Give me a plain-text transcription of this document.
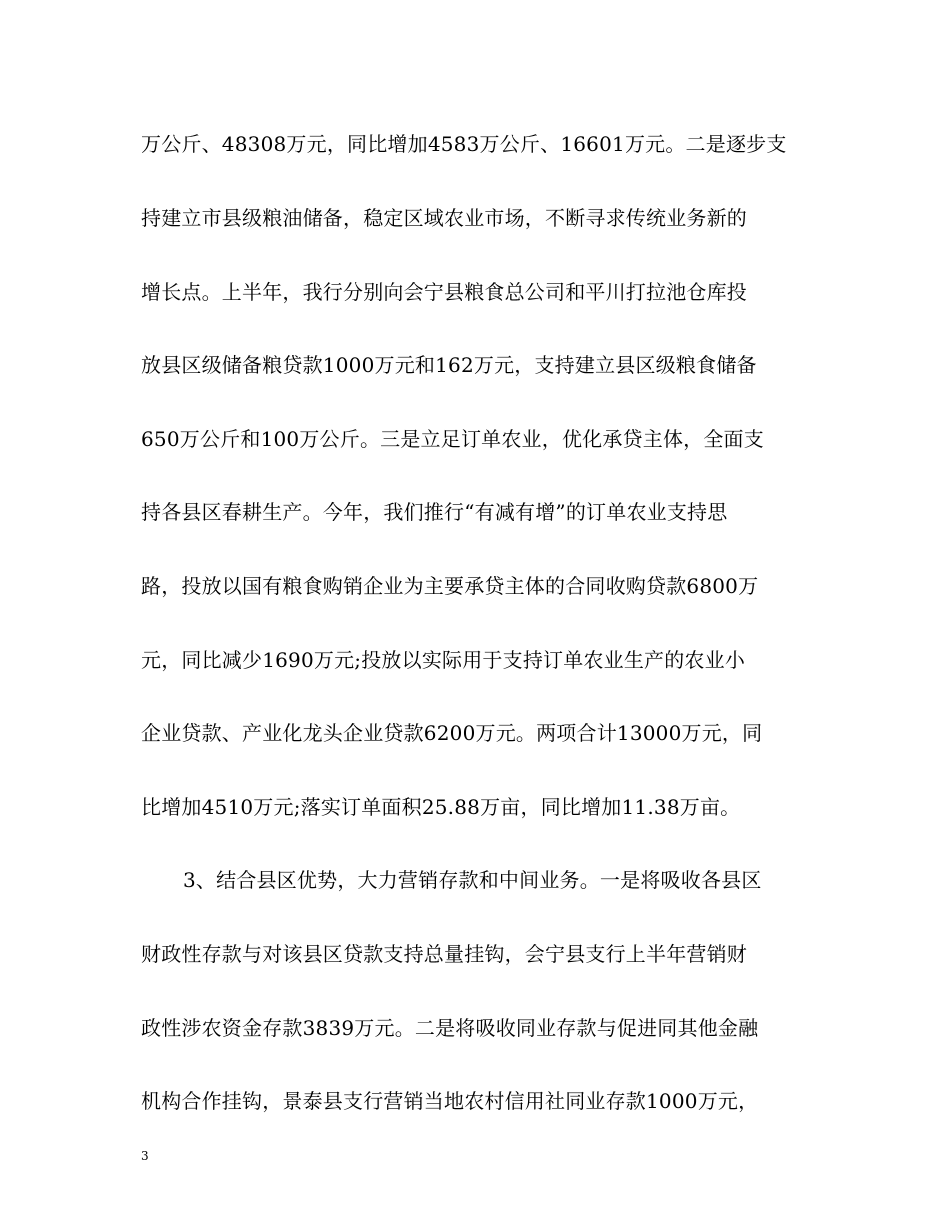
万公斤、48308万元，同比增加4583万公斤、16601万元。二是逐步支
持建立市县级粮油储备，稳定区域农业市场，不断寻求传统业务新的
增长点。上半年，我行分别向会宁县粮食总公司和平川打拉池仓库投
放县区级储备粮贷款1000万元和162万元，支持建立县区级粮食储备
650万公斤和100万公斤。三是立足订单农业，优化承贷主体，全面支
持各县区春耕生产。今年，我们推行“有减有增”的订单农业支持思
路，投放以国有粮食购销企业为主要承贷主体的合同收购贷款6800万
元，同比减少1690万元;投放以实际用于支持订单农业生产的农业小
企业贷款、产业化龙头企业贷款6200万元。两项合计13000万元，同
比增加4510万元;落实订单面积25.88万亩，同比增加11.38万亩。
3、结合县区优势，大力营销存款和中间业务。一是将吸收各县区
财政性存款与对该县区贷款支持总量挂钩，会宁县支行上半年营销财
政性涉农资金存款3839万元。二是将吸收同业存款与促进同其他金融
机构合作挂钩，景泰县支行营销当地农村信用社同业存款1000万元，
3
